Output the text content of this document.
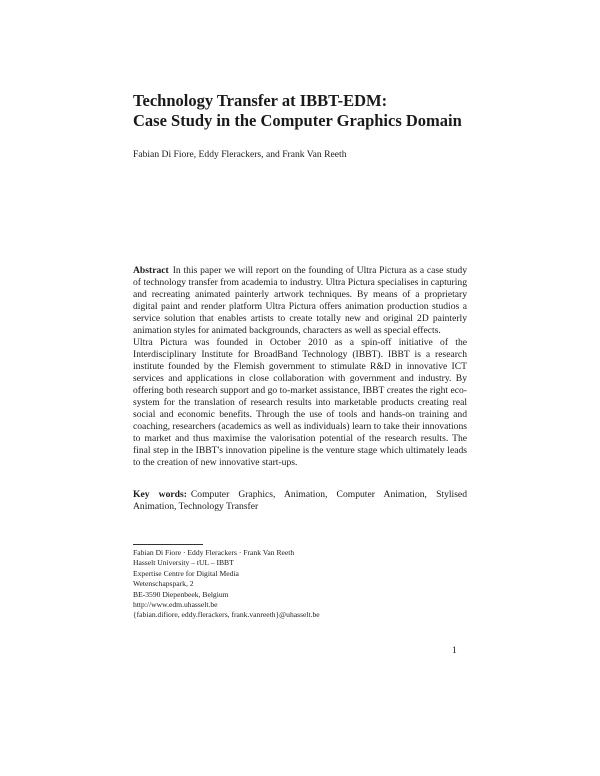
Technology Transfer at IBBT-EDM:
Case Study in the Computer Graphics Domain
Fabian Di Fiore, Eddy Flerackers, and Frank Van Reeth

Abstract In this paper we will report on the founding of Ultra Pictura as a case study of technology transfer from academia to industry. Ultra Pictura specialises in capturing and recreating animated painterly artwork techniques. By means of a proprietary digital paint and render platform Ultra Pictura offers animation production studios a service solution that enables artists to create totally new and original 2D painterly animation styles for animated backgrounds, characters as well as special effects.

Ultra Pictura was founded in October 2010 as a spin-off initiative of the Interdisciplinary Institute for BroadBand Technology (IBBT). IBBT is a research institute founded by the Flemish government to stimulate R&D in innovative ICT services and applications in close collaboration with government and industry. By offering both research support and go to-market assistance, IBBT creates the right eco-system for the translation of research results into marketable products creating real social and economic benefits. Through the use of tools and hands-on training and coaching, researchers (academics as well as individuals) learn to take their innovations to market and thus maximise the valorisation potential of the research results. The final step in the IBBT's innovation pipeline is the venture stage which ultimately leads to the creation of new innovative start-ups.

Key words: Computer Graphics, Animation, Computer Animation, Stylised Animation, Technology Transfer

Fabian Di Fiore · Eddy Flerackers · Frank Van Reeth
Hasselt University – tUL – IBBT
Expertise Centre for Digital Media
Wetenschapspark, 2
BE-3590 Diepenbeek, Belgium
http://www.edm.uhasselt.be
{fabian.difiore, eddy.flerackers, frank.vanreeth}@uhasselt.be
1
